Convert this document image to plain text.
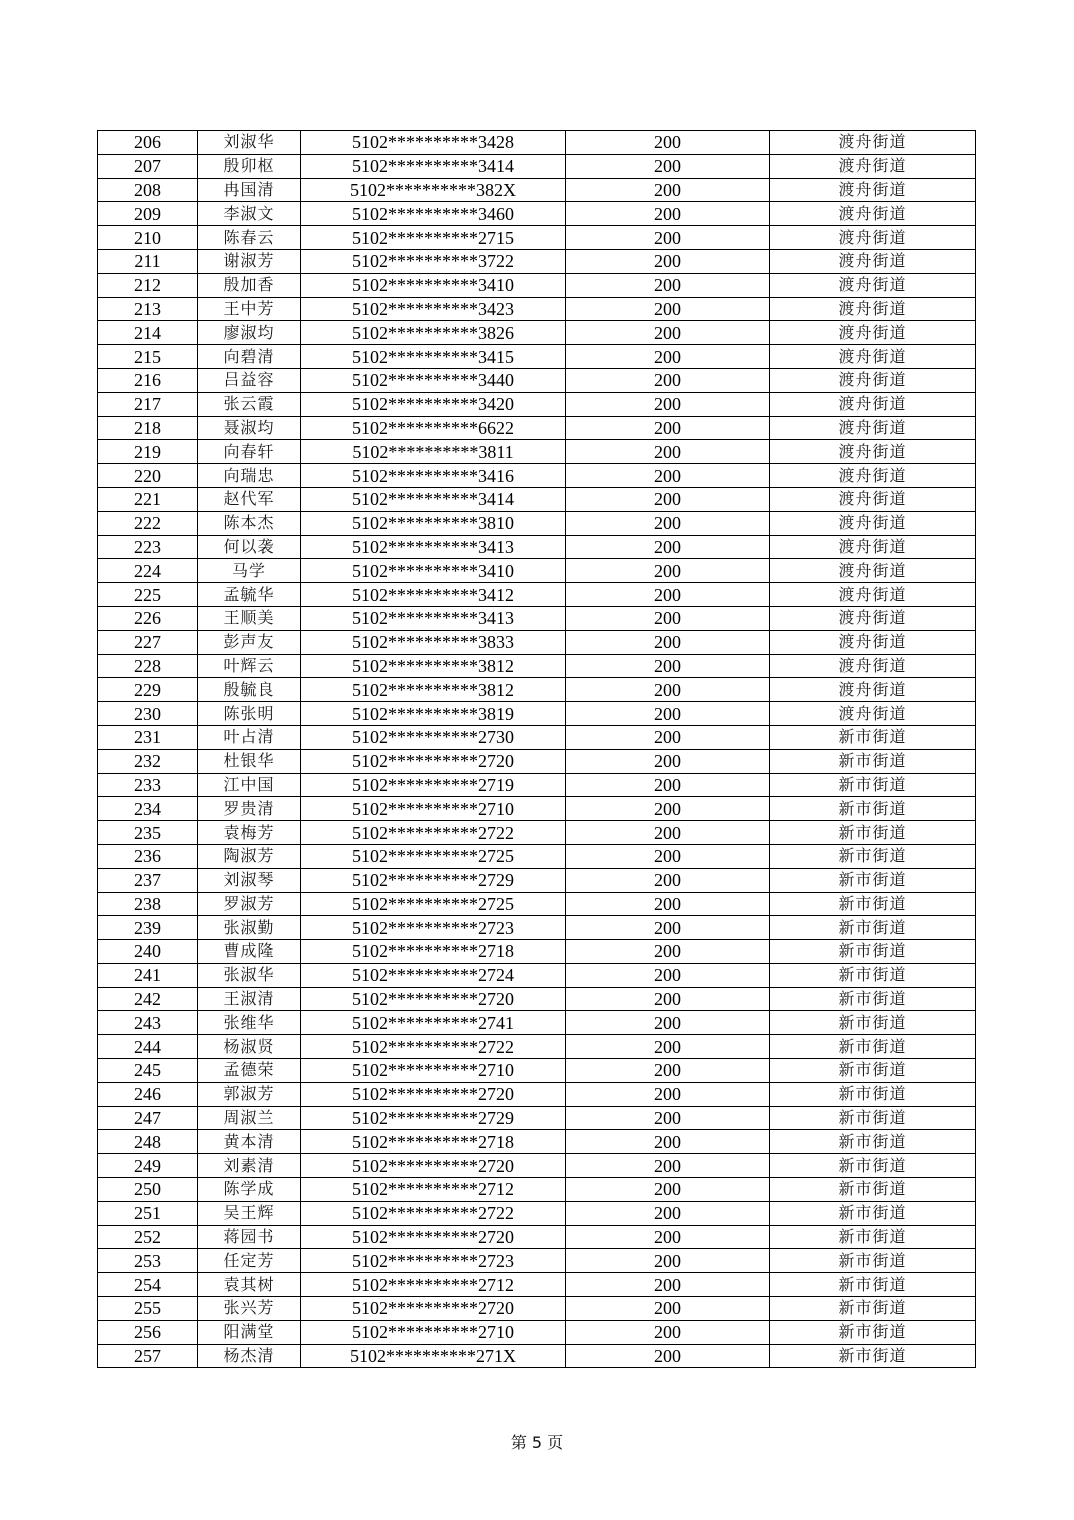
206	刘淑华	5102**********3428	200	渡舟街道
207	殷卯枢	5102**********3414	200	渡舟街道
208	冉国清	5102**********382X	200	渡舟街道
209	李淑文	5102**********3460	200	渡舟街道
210	陈春云	5102**********2715	200	渡舟街道
211	谢淑芳	5102**********3722	200	渡舟街道
212	殷加香	5102**********3410	200	渡舟街道
213	王中芳	5102**********3423	200	渡舟街道
214	廖淑均	5102**********3826	200	渡舟街道
215	向碧清	5102**********3415	200	渡舟街道
216	吕益容	5102**********3440	200	渡舟街道
217	张云霞	5102**********3420	200	渡舟街道
218	聂淑均	5102**********6622	200	渡舟街道
219	向春轩	5102**********3811	200	渡舟街道
220	向瑞忠	5102**********3416	200	渡舟街道
221	赵代军	5102**********3414	200	渡舟街道
222	陈本杰	5102**********3810	200	渡舟街道
223	何以袭	5102**********3413	200	渡舟街道
224	马学	5102**********3410	200	渡舟街道
225	孟毓华	5102**********3412	200	渡舟街道
226	王顺美	5102**********3413	200	渡舟街道
227	彭声友	5102**********3833	200	渡舟街道
228	叶辉云	5102**********3812	200	渡舟街道
229	殷毓良	5102**********3812	200	渡舟街道
230	陈张明	5102**********3819	200	渡舟街道
231	叶占清	5102**********2730	200	新市街道
232	杜银华	5102**********2720	200	新市街道
233	江中国	5102**********2719	200	新市街道
234	罗贵清	5102**********2710	200	新市街道
235	袁梅芳	5102**********2722	200	新市街道
236	陶淑芳	5102**********2725	200	新市街道
237	刘淑琴	5102**********2729	200	新市街道
238	罗淑芳	5102**********2725	200	新市街道
239	张淑勤	5102**********2723	200	新市街道
240	曹成隆	5102**********2718	200	新市街道
241	张淑华	5102**********2724	200	新市街道
242	王淑清	5102**********2720	200	新市街道
243	张维华	5102**********2741	200	新市街道
244	杨淑贤	5102**********2722	200	新市街道
245	孟德荣	5102**********2710	200	新市街道
246	郭淑芳	5102**********2720	200	新市街道
247	周淑兰	5102**********2729	200	新市街道
248	黄本清	5102**********2718	200	新市街道
249	刘素清	5102**********2720	200	新市街道
250	陈学成	5102**********2712	200	新市街道
251	吴王辉	5102**********2722	200	新市街道
252	蒋园书	5102**********2720	200	新市街道
253	任定芳	5102**********2723	200	新市街道
254	袁其树	5102**********2712	200	新市街道
255	张兴芳	5102**********2720	200	新市街道
256	阳满堂	5102**********2710	200	新市街道
257	杨杰清	5102**********271X	200	新市街道
第 5 页
